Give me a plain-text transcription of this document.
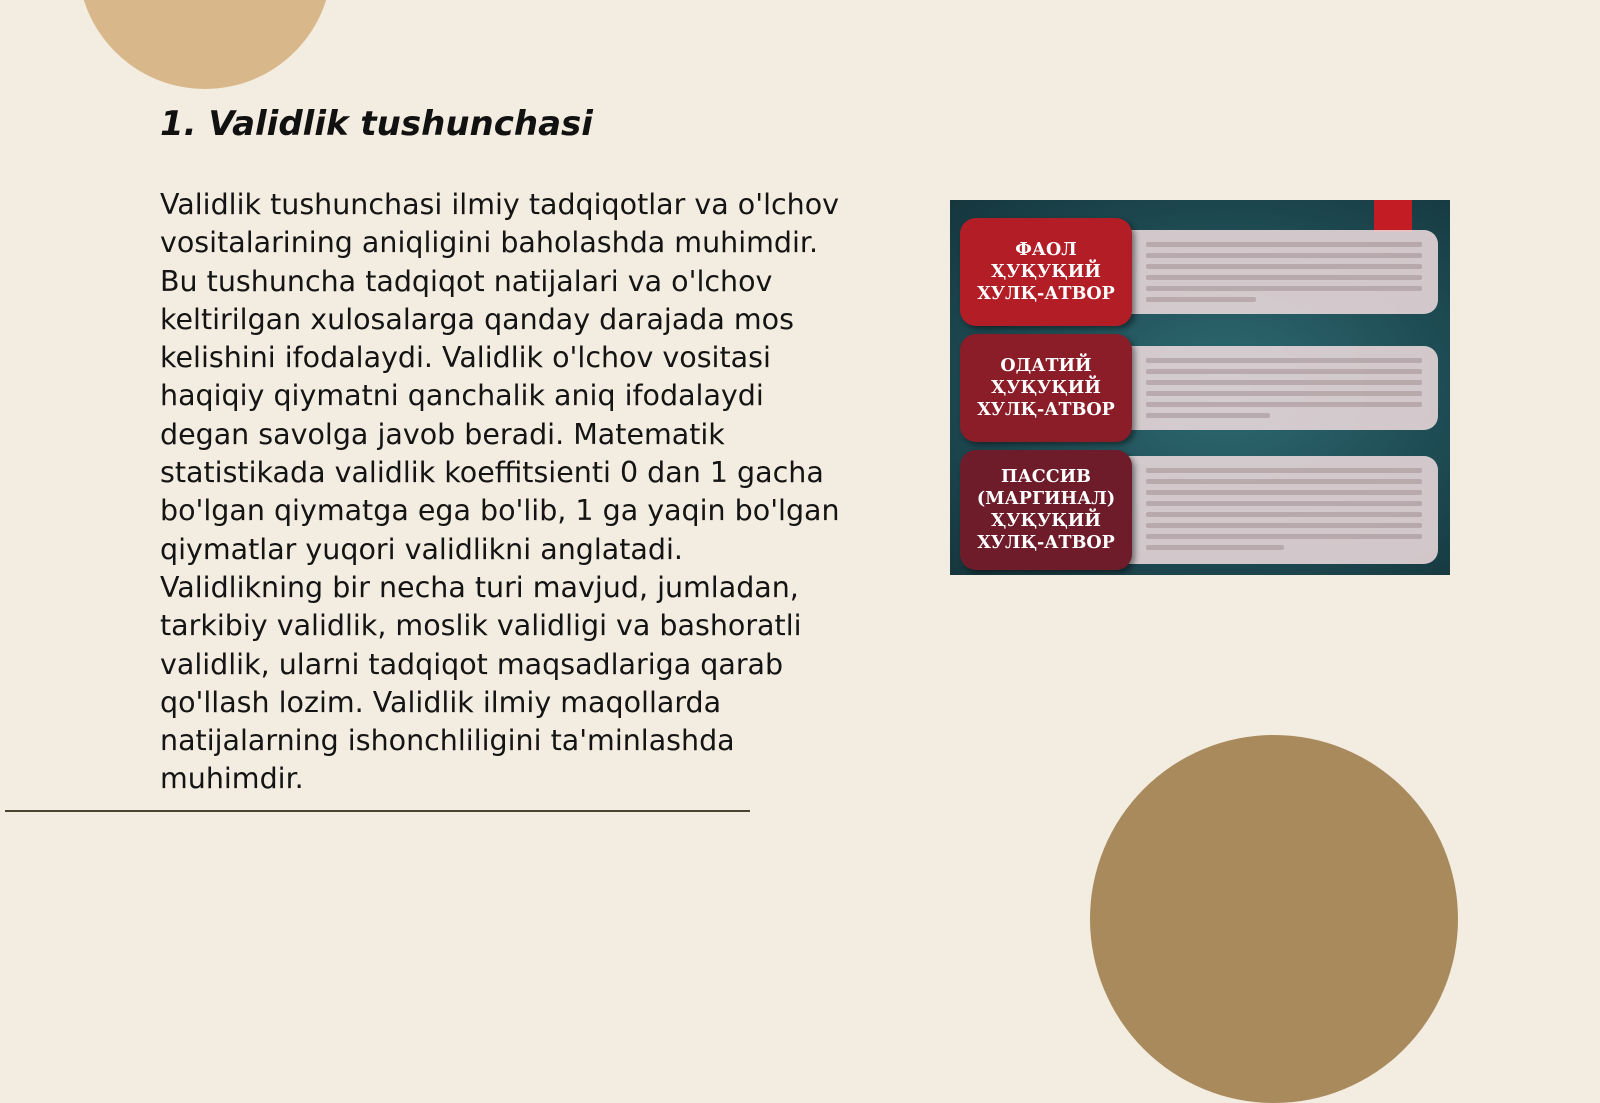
1. Validlik tushunchasi

Validlik tushunchasi ilmiy tadqiqotlar va o'lchov vositalarining aniqligini baholashda muhimdir. Bu tushuncha tadqiqot natijalari va o'lchov keltirilgan xulosalarga qanday darajada mos kelishini ifodalaydi. Validlik o'lchov vositasi haqiqiy qiymatni qanchalik aniq ifodalaydi degan savolga javob beradi. Matematik statistikada validlik koeffitsienti 0 dan 1 gacha bo'lgan qiymatga ega bo'lib, 1 ga yaqin bo'lgan qiymatlar yuqori validlikni anglatadi. Validlikning bir necha turi mavjud, jumladan, tarkibiy validlik, moslik validligi va bashoratli validlik, ularni tadqiqot maqsadlariga qarab qo'llash lozim. Validlik ilmiy maqollarda natijalarning ishonchliligini ta'minlashda muhimdir.

ФАОЛ
ҲУҚУҚИЙ
ХУЛҚ-АТВОР
ОДАТИЙ
ҲУҚУҚИЙ
ХУЛҚ-АТВОР
ПАССИВ
(МАРГИНАЛ)
ҲУҚУҚИЙ
ХУЛҚ-АТВОР
